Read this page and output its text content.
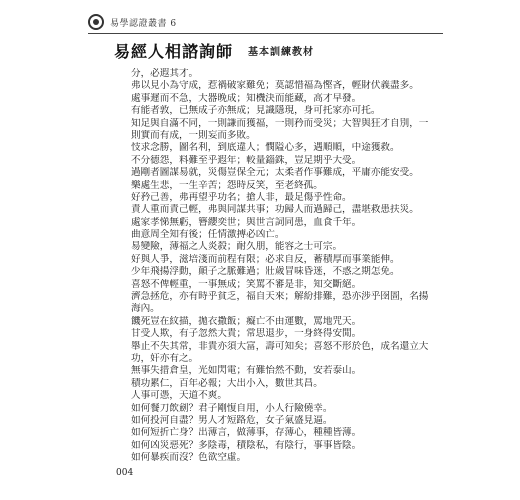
易學認證叢書 6
易經人相諮詢師 基本訓練教材
分，必遐其才。
弗以見小為守成，惹禍破家難免；莫認惜福為慳吝，輕財伏義盡多。
處事遲而不急，大器晚成；知機決而能藏，高才早發。
有能者敦，已無成子亦無成；見識隱現，身可托家亦可托。
知足與自滿不同，一則謙而獲福，一則矜而受災；大智與狂才自別，一
則實而有成，一則妄而多敗。
忮求念勝，圖名利，到底違人；憫隘心多，遇順順，中途獲救。
不分德怨，料難至乎遐年；較量錙銖，豈足期乎大受。
過剛者圖謀易就，災傷豈保全元；太柔者作事難成，平庸亦能安受。
樂處生悲，一生辛苦；怨時反笑，至老終孤。
好矜己善，弗再望乎功名；搶人非，最足傷乎性命。
責人重而責己輕，弗與同謀共事；功歸人而過歸己，盡堪救患扶災。
處家孝悌無虧，簪纓奕世；與世言詞同患，血食千年。
曲意周全知有後；任情激搏必凶亡。
易變險，薄福之人炎殺；耐久朋，能容之士可宗。
好與人爭，滋培淺而前程有限；必求自反，蓄積厚而事業能伸。
少年飛揚浮動，顛子之脈難過；壯歲冒味昏迷，不惑之期怎免。
喜怒不俾輕重，一事無成；笑罵不審是非，知交斷絕。
濟急拯危，亦有時乎貧乏，福自天來；解紛排難，恐亦涉乎囹圄，名揚
海內。
饑死豈在紋描，拋衣撒飯；癡亡不由運數，罵地咒天。
甘受人欺，有子忽然大貴；常思退步，一身終得安閒。
舉止不失其常，非貴亦須大富，壽可知矣；喜怒不形於色，成名還立大
功，奸亦有之。
無事失措倉皇，光如閃電；有難怡然不動，安若泰山。
積功累仁，百年必報；大出小入，數世其昌。
人事可憑，天道不爽。
如何餐刀飲劍？君子剛愎自用，小人行險僥幸。
如何投河自盡？男人才短路危，女子氣盛見逼。
如何短折亡身？出薄言，做薄事，存薄心，種種皆薄。
如何凶災惡死？多陰毒，積陰私，有陰行，事事皆陰。
如何暴疾而沒？色欲空虛。
004
